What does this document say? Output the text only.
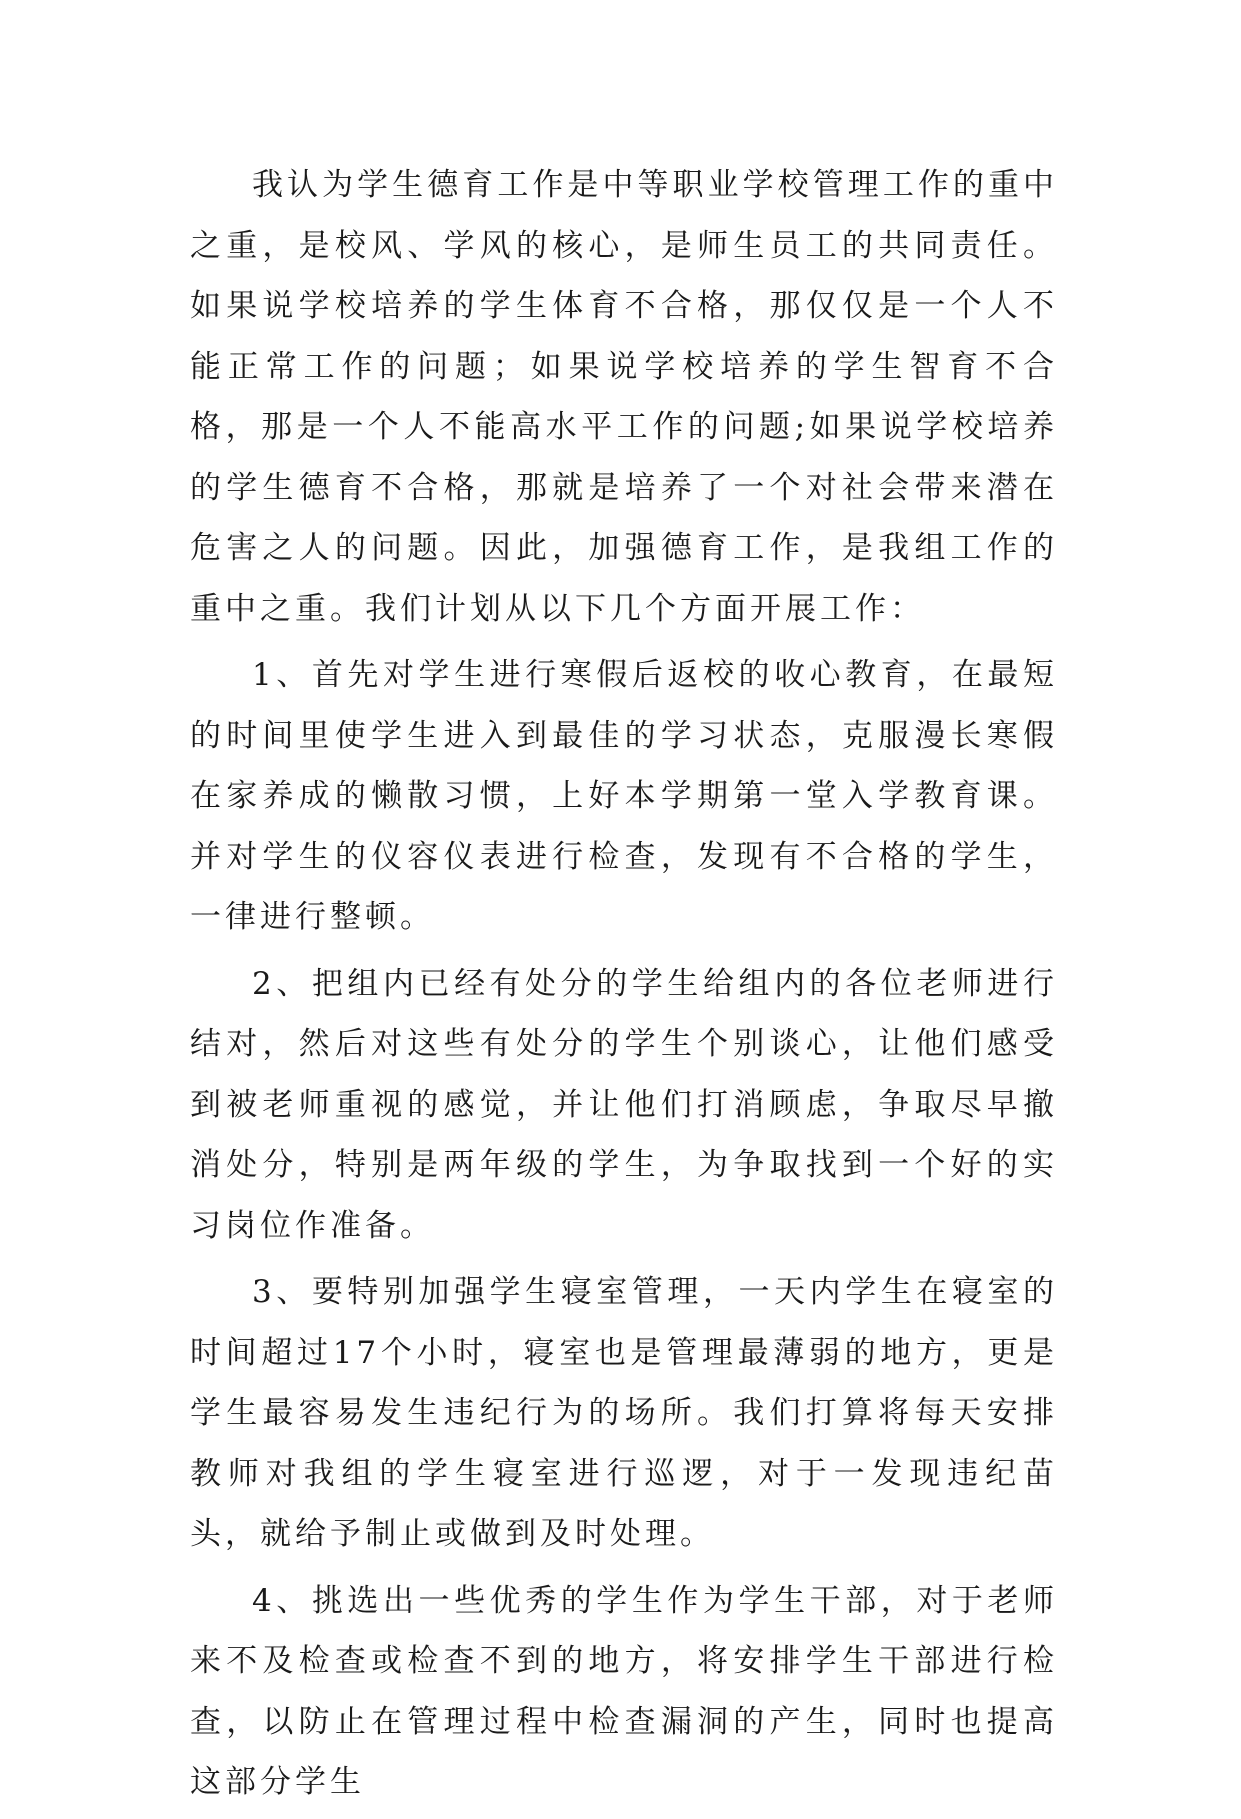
我认为学生德育工作是中等职业学校管理工作的重中之重，是校风、学风的核心，是师生员工的共同责任。如果说学校培养的学生体育不合格，那仅仅是一个人不能正常工作的问题；如果说学校培养的学生智育不合格，那是一个人不能高水平工作的问题;如果说学校培养的学生德育不合格，那就是培养了一个对社会带来潜在危害之人的问题。因此，加强德育工作，是我组工作的重中之重。我们计划从以下几个方面开展工作：

1、首先对学生进行寒假后返校的收心教育，在最短的时间里使学生进入到最佳的学习状态，克服漫长寒假在家养成的懒散习惯，上好本学期第一堂入学教育课。并对学生的仪容仪表进行检查，发现有不合格的学生，一律进行整顿。

2、把组内已经有处分的学生给组内的各位老师进行结对，然后对这些有处分的学生个别谈心，让他们感受到被老师重视的感觉，并让他们打消顾虑，争取尽早撤消处分，特别是两年级的学生，为争取找到一个好的实习岗位作准备。

3、要特别加强学生寝室管理，一天内学生在寝室的时间超过17个小时，寝室也是管理最薄弱的地方，更是学生最容易发生违纪行为的场所。我们打算将每天安排教师对我组的学生寝室进行巡逻，对于一发现违纪苗头，就给予制止或做到及时处理。

4、挑选出一些优秀的学生作为学生干部，对于老师来不及检查或检查不到的地方，将安排学生干部进行检查，以防止在管理过程中检查漏洞的产生，同时也提高这部分学生
